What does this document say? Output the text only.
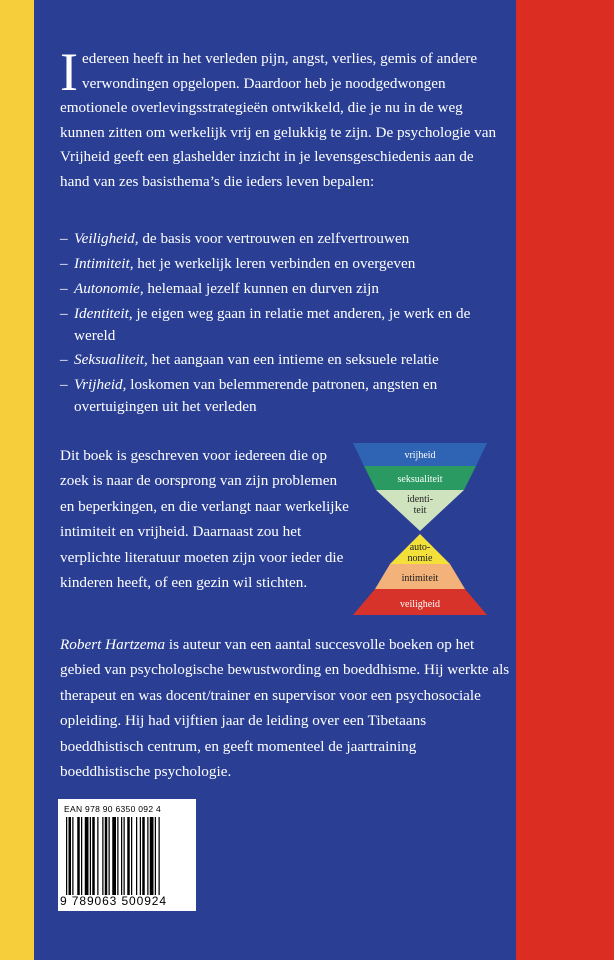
Iedereen heeft in het verleden pijn, angst, verlies, gemis of andere verwondingen opgelopen. Daardoor heb je noodgedwongen emotionele overlevingsstrategieën ontwikkeld, die je nu in de weg kunnen zitten om werkelijk vrij en gelukkig te zijn. De psychologie van Vrijheid geeft een glashelder inzicht in je levensgeschiedenis aan de hand van zes basisthema’s die ieders leven bepalen:

– Veiligheid, de basis voor vertrouwen en zelfvertrouwen
– Intimiteit, het je werkelijk leren verbinden en overgeven
– Autonomie, helemaal jezelf kunnen en durven zijn
– Identiteit, je eigen weg gaan in relatie met anderen, je werk en de wereld
– Seksualiteit, het aangaan van een intieme en seksuele relatie
– Vrijheid, loskomen van belemmerende patronen, angsten en overtuigingen uit het verleden

Dit boek is geschreven voor iedereen die op zoek is naar de oorsprong van zijn problemen en beperkingen, en die verlangt naar werkelijke intimiteit en vrijheid. Daarnaast zou het verplichte literatuur moeten zijn voor ieder die kinderen heeft, of een gezin wil stichten.

vrijheid
seksualiteit
identi-
teit
auto-
nomie
intimiteit
veiligheid

Robert Hartzema is auteur van een aantal succesvolle boeken op het gebied van psychologische bewustwording en boeddhisme. Hij werkte als therapeut en was docent/trainer en supervisor voor een psychosociale opleiding. Hij had vijftien jaar de leiding over een Tibetaans boeddhistisch centrum, en geeft momenteel de jaartraining boeddhistische psychologie.

EAN 978 90 6350 092 4
9 789063 500924
